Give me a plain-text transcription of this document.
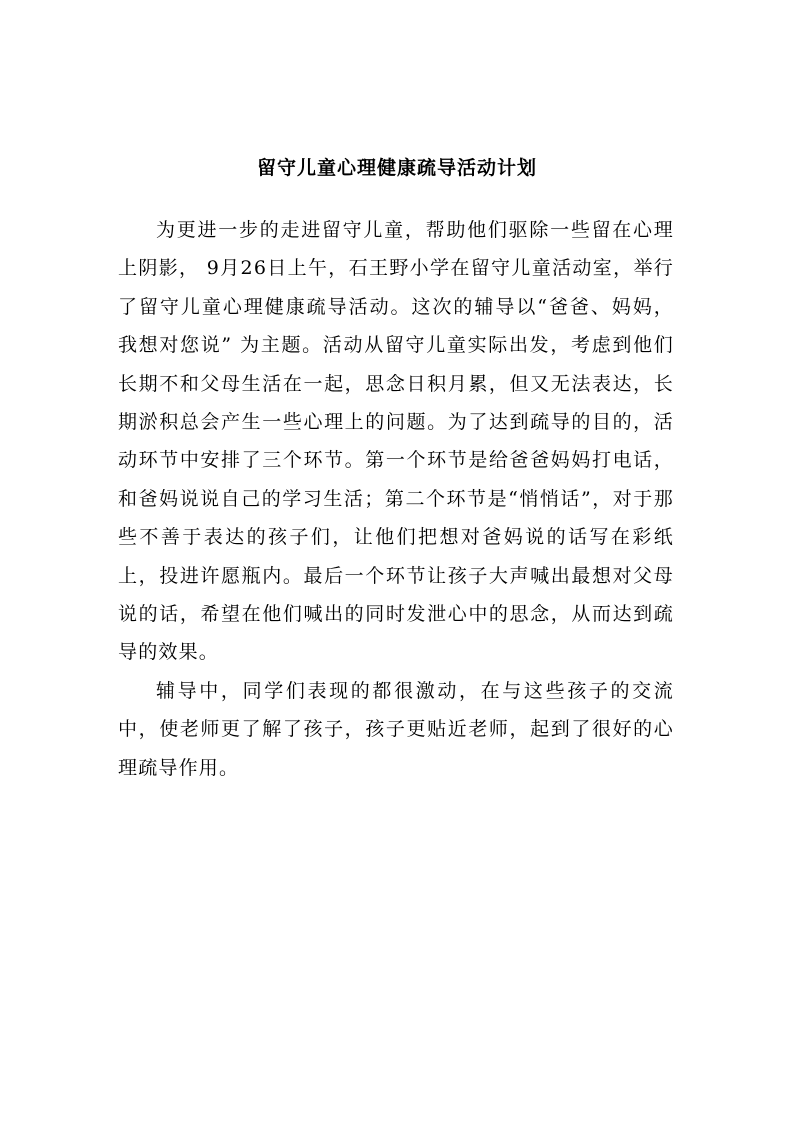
留守儿童心理健康疏导活动计划

为更进一步的走进留守儿童，帮助他们驱除一些留在心理上阴影， 9月26日上午，石王野小学在留守儿童活动室，举行了留守儿童心理健康疏导活动。这次的辅导以“爸爸、妈妈，我想对您说” 为主题。活动从留守儿童实际出发，考虑到他们长期不和父母生活在一起，思念日积月累，但又无法表达，长期淤积总会产生一些心理上的问题。为了达到疏导的目的，活动环节中安排了三个环节。第一个环节是给爸爸妈妈打电话，和爸妈说说自己的学习生活；第二个环节是“悄悄话”，对于那些不善于表达的孩子们，让他们把想对爸妈说的话写在彩纸上，投进许愿瓶内。最后一个环节让孩子大声喊出最想对父母说的话，希望在他们喊出的同时发泄心中的思念，从而达到疏导的效果。

辅导中，同学们表现的都很激动，在与这些孩子的交流中，使老师更了解了孩子，孩子更贴近老师，起到了很好的心理疏导作用。
